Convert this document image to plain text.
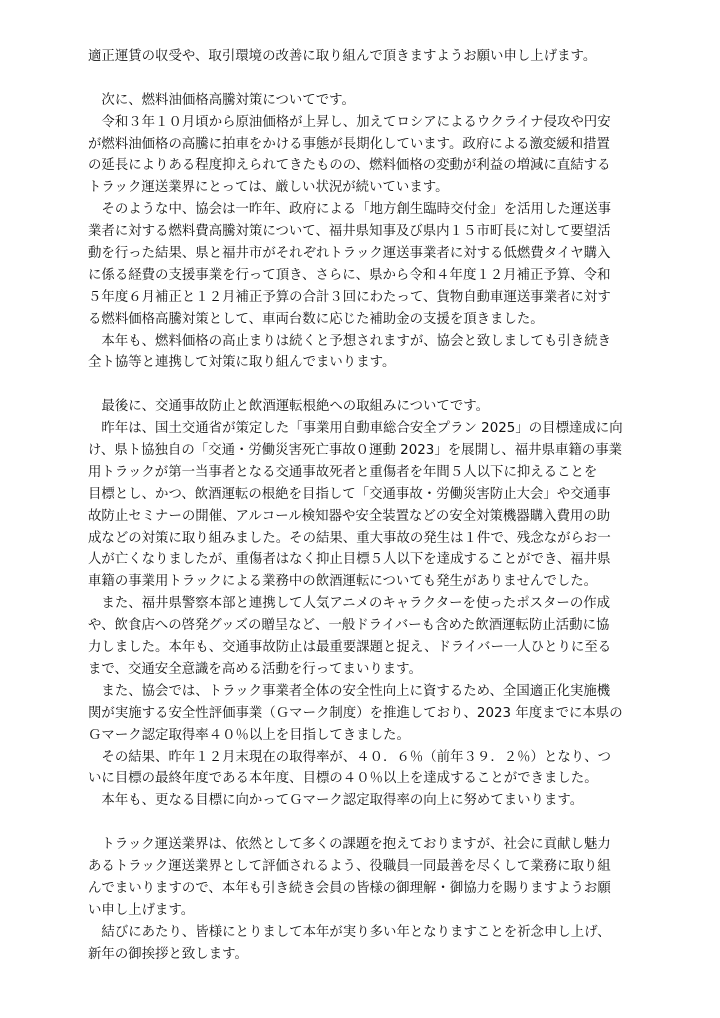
適正運賃の収受や、取引環境の改善に取り組んで頂きますようお願い申し上げます。
　次に、燃料油価格高騰対策についてです。
　令和３年１０月頃から原油価格が上昇し、加えてロシアによるウクライナ侵攻や円安
が燃料油価格の高騰に拍車をかける事態が長期化しています。政府による激変緩和措置
の延長によりある程度抑えられてきたものの、燃料価格の変動が利益の増減に直結する
トラック運送業界にとっては、厳しい状況が続いています。
　そのような中、協会は一昨年、政府による「地方創生臨時交付金」を活用した運送事
業者に対する燃料費高騰対策について、福井県知事及び県内１５市町長に対して要望活
動を行った結果、県と福井市がそれぞれトラック運送事業者に対する低燃費タイヤ購入
に係る経費の支援事業を行って頂き、さらに、県から令和４年度１２月補正予算、令和
５年度６月補正と１２月補正予算の合計３回にわたって、貨物自動車運送事業者に対す
る燃料価格高騰対策として、車両台数に応じた補助金の支援を頂きました。
　本年も、燃料価格の高止まりは続くと予想されますが、協会と致しましても引き続き
全ト協等と連携して対策に取り組んでまいります。
　最後に、交通事故防止と飲酒運転根絶への取組みについてです。
　昨年は、国土交通省が策定した「事業用自動車総合安全プラン 2025」の目標達成に向
け、県ト協独自の「交通・労働災害死亡事故０運動 2023」を展開し、福井県車籍の事業
用トラックが第一当事者となる交通事故死者と重傷者を年間５人以下に抑えることを
目標とし、かつ、飲酒運転の根絶を目指して「交通事故・労働災害防止大会」や交通事
故防止セミナーの開催、アルコール検知器や安全装置などの安全対策機器購入費用の助
成などの対策に取り組みました。その結果、重大事故の発生は１件で、残念ながらお一
人が亡くなりましたが、重傷者はなく抑止目標５人以下を達成することができ、福井県
車籍の事業用トラックによる業務中の飲酒運転についても発生がありませんでした。
　また、福井県警察本部と連携して人気アニメのキャラクターを使ったポスターの作成
や、飲食店への啓発グッズの贈呈など、一般ドライバーも含めた飲酒運転防止活動に協
力しました。本年も、交通事故防止は最重要課題と捉え、ドライバー一人ひとりに至る
まで、交通安全意識を高める活動を行ってまいります。
　また、協会では、トラック事業者全体の安全性向上に資するため、全国適正化実施機
関が実施する安全性評価事業（Ｇマーク制度）を推進しており、2023 年度までに本県の
Ｇマーク認定取得率４０％以上を目指してきました。
　その結果、昨年１２月末現在の取得率が、４０．６％（前年３９．２％）となり、つ
いに目標の最終年度である本年度、目標の４０％以上を達成することができました。
　本年も、更なる目標に向かってＧマーク認定取得率の向上に努めてまいります。
　トラック運送業界は、依然として多くの課題を抱えておりますが、社会に貢献し魅力
あるトラック運送業界として評価されるよう、役職員一同最善を尽くして業務に取り組
んでまいりますので、本年も引き続き会員の皆様の御理解・御協力を賜りますようお願
い申し上げます。
　結びにあたり、皆様にとりまして本年が実り多い年となりますことを祈念申し上げ、
新年の御挨拶と致します。
